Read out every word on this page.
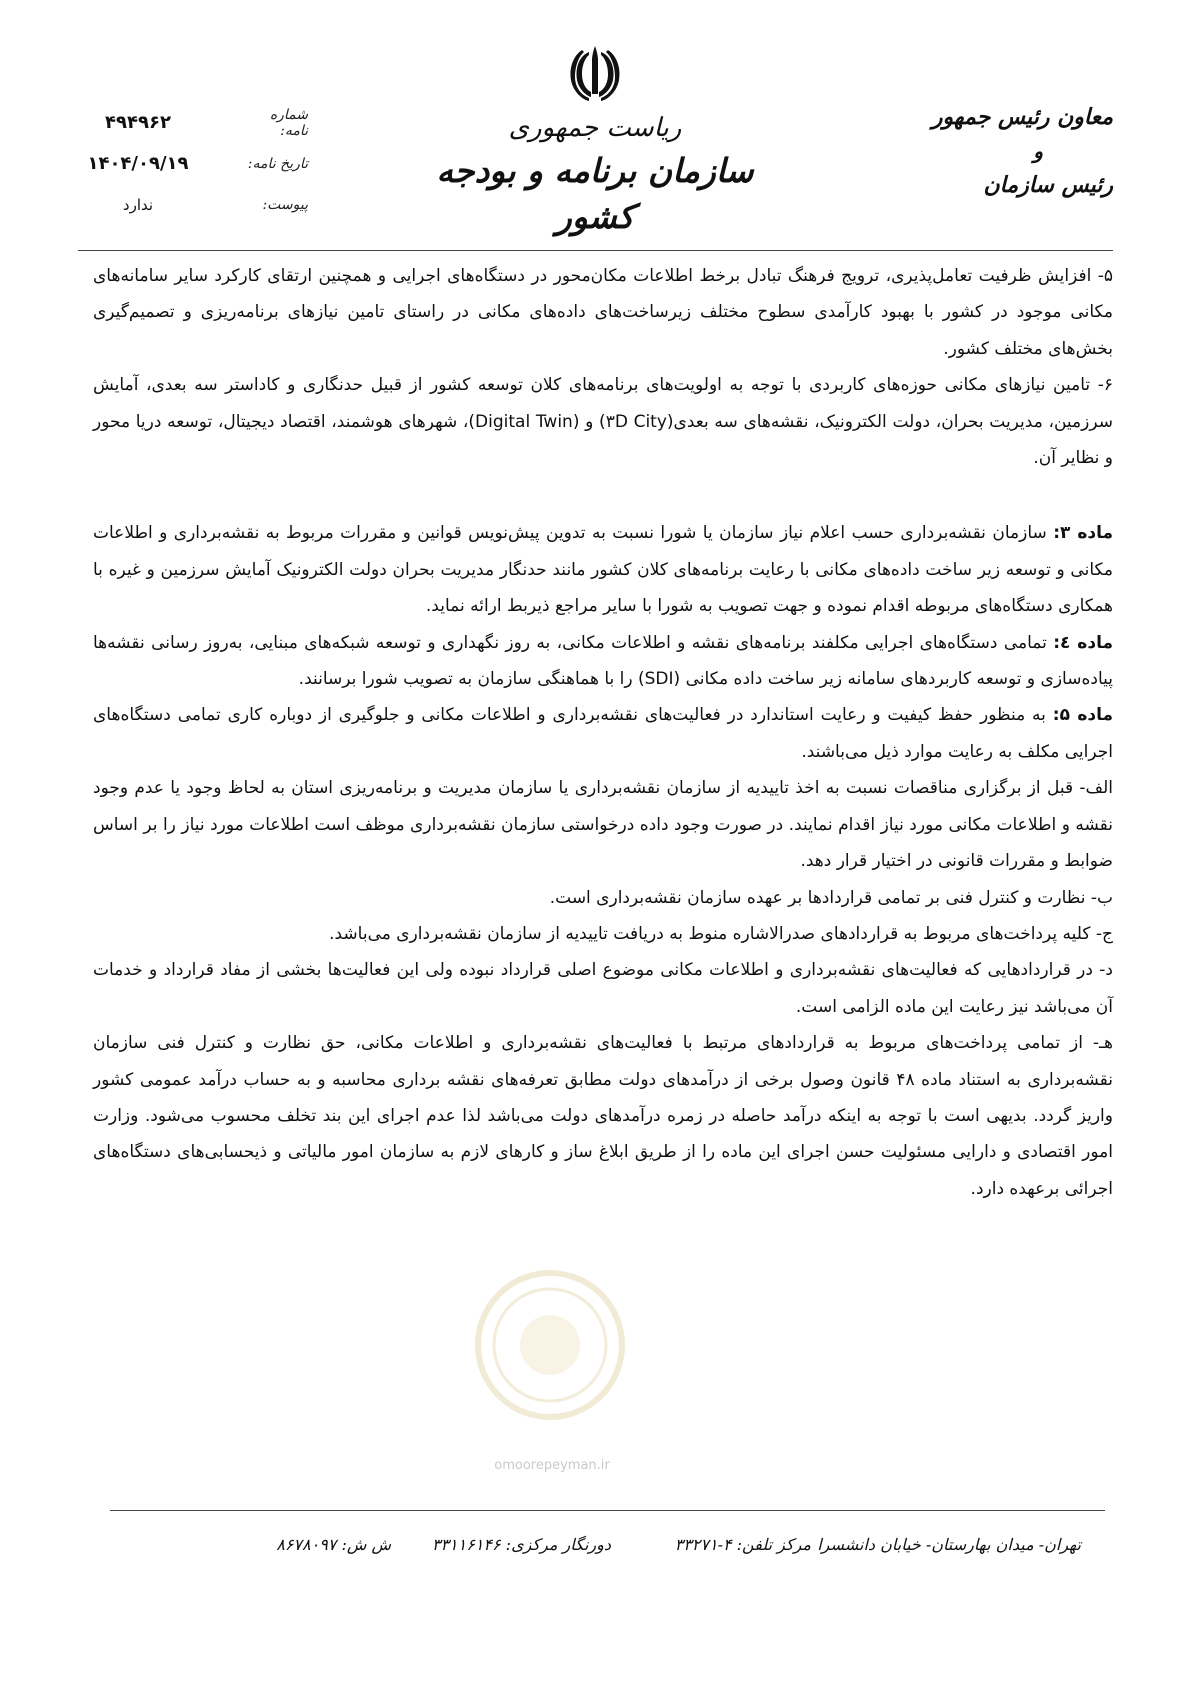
ریاست جمهوری
سازمان برنامه و بودجه کشور
معاون رئیس جمهور
و
رئیس سازمان
شماره نامه:
۴۹۴۹۶۲
تاریخ نامه:
۱۴۰۴/۰۹/۱۹
پیوست:
ندارد
omoorepeyman.ir

۵- افزایش ظرفیت تعامل‌پذیری، ترویج فرهنگ تبادل برخط اطلاعات مکان‌محور در دستگاه‌های اجرایی و همچنین ارتقای کارکرد سایر سامانه‌های مکانی موجود در کشور با بهبود کارآمدی سطوح مختلف زیرساخت‌های داده‌های مکانی در راستای تامین نیازهای برنامه‌ریزی و تصمیم‌گیری بخش‌های مختلف کشور.

۶- تامین نیازهای مکانی حوزه‌های کاربردی با توجه به اولویت‌های برنامه‌های کلان توسعه کشور از قبیل حدنگاری و کاداستر سه بعدی، آمایش سرزمین، مدیریت بحران، دولت الکترونیک، نقشه‌های سه بعدی(۳D City) و (Digital Twin)، شهرهای هوشمند، اقتصاد دیجیتال، توسعه دریا محور و نظایر آن.

ماده ۳: سازمان نقشه‌برداری حسب اعلام نیاز سازمان یا شورا نسبت به تدوین پیش‌نویس قوانین و مقررات مربوط به نقشه‌برداری و اطلاعات مکانی و توسعه زیر ساخت داده‌های مکانی با رعایت برنامه‌های کلان کشور مانند حدنگار مدیریت بحران دولت الکترونیک آمایش سرزمین و غیره با همکاری دستگاه‌های مربوطه اقدام نموده و جهت تصویب به شورا با سایر مراجع ذیربط ارائه نماید.

ماده ٤: تمامی دستگاه‌های اجرایی مکلفند برنامه‌های نقشه و اطلاعات مکانی، به روز نگهداری و توسعه شبکه‌های مبنایی، به‌روز رسانی نقشه‌ها پیاده‌سازی و توسعه کاربردهای سامانه زیر ساخت داده مکانی (SDI) را با هماهنگی سازمان به تصویب شورا برسانند.

ماده ۵: به منظور حفظ کیفیت و رعایت استاندارد در فعالیت‌های نقشه‌برداری و اطلاعات مکانی و جلوگیری از دوباره کاری تمامی دستگاه‌های اجرایی مکلف به رعایت موارد ذیل می‌باشند.

الف- قبل از برگزاری مناقصات نسبت به اخذ تاییدیه از سازمان نقشه‌برداری یا سازمان مدیریت و برنامه‌ریزی استان به لحاظ وجود یا عدم وجود نقشه و اطلاعات مکانی مورد نیاز اقدام نمایند. در صورت وجود داده درخواستی سازمان نقشه‌برداری موظف است اطلاعات مورد نیاز را بر اساس ضوابط و مقررات قانونی در اختیار قرار دهد.

ب- نظارت و کنترل فنی بر تمامی قراردادها بر عهده سازمان نقشه‌برداری است.

ج- کلیه پرداخت‌های مربوط به قراردادهای صدرالاشاره منوط به دریافت تاییدیه از سازمان نقشه‌برداری می‌باشد.

د- در قراردادهایی که فعالیت‌های نقشه‌برداری و اطلاعات مکانی موضوع اصلی قرارداد نبوده ولی این فعالیت‌ها بخشی از مفاد قرارداد و خدمات آن می‌باشد نیز رعایت این ماده الزامی است.

هـ- از تمامی پرداخت‌های مربوط به قراردادهای مرتبط با فعالیت‌های نقشه‌برداری و اطلاعات مکانی، حق نظارت و کنترل فنی سازمان نقشه‌برداری به استناد ماده ۴۸ قانون وصول برخی از درآمدهای دولت مطابق تعرفه‌های نقشه برداری محاسبه و به حساب درآمد عمومی کشور واریز گردد. بدیهی است با توجه به اینکه درآمد حاصله در زمره درآمدهای دولت می‌باشد لذا عدم اجرای این بند تخلف محسوب می‌شود. وزارت امور اقتصادی و دارایی مسئولیت حسن اجرای این ماده را از طریق ابلاغ ساز و کارهای لازم به سازمان امور مالیاتی و ذیحسابی‌های دستگاه‌های اجرائی برعهده دارد.

تهران- میدان بهارستان- خیابان دانشسرا
مرکز تلفن: ۴-۳۳۲۷۱
دورنگار مرکزی: ۳۳۱۱۶۱۴۶
ش ش: ۸۶۷۸۰۹۷
